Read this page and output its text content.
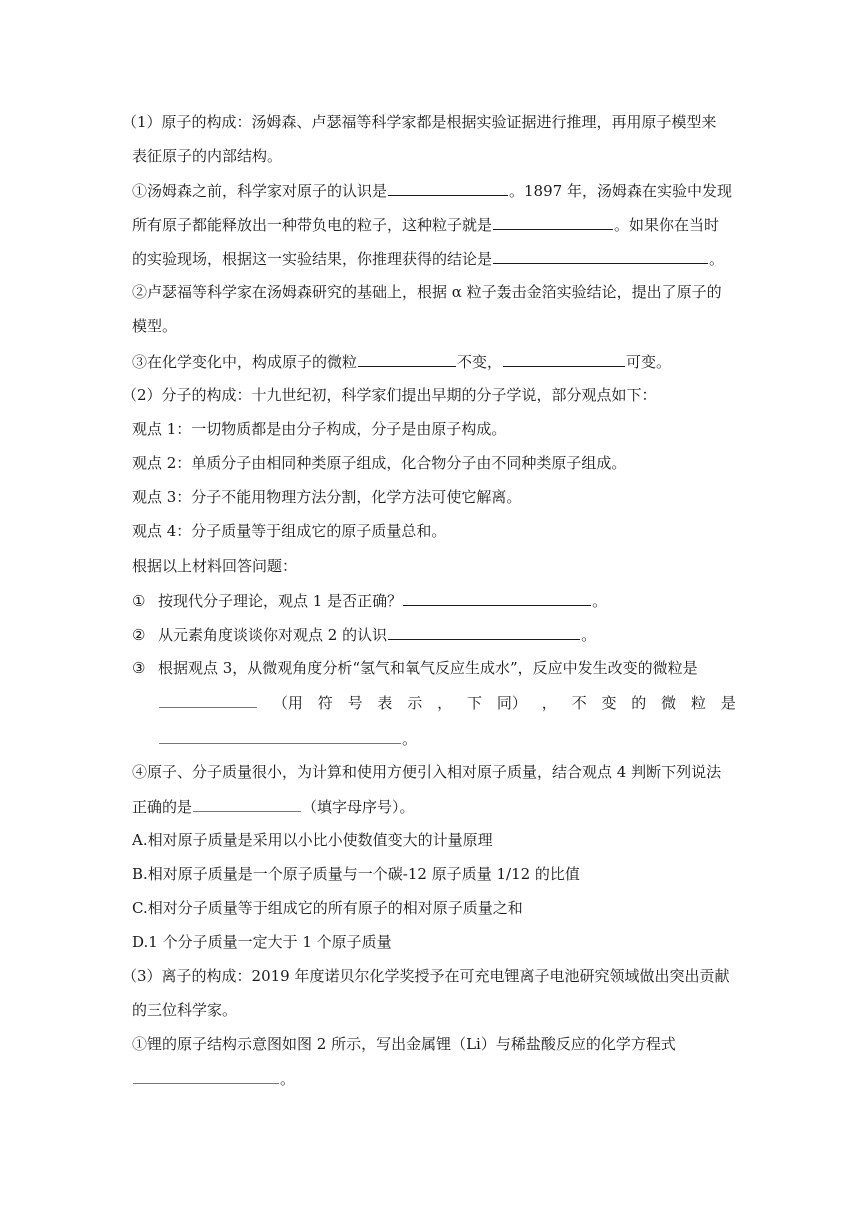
（1）原子的构成：汤姆森、卢瑟福等科学家都是根据实验证据进行推理，再用原子模型来
表征原子的内部结构。
①汤姆森之前，科学家对原子的认识是	。1897 年，汤姆森在实验中发现
所有原子都能释放出一种带负电的粒子，这种粒子就是	。如果你在当时
的实验现场，根据这一实验结果，你推理获得的结论是	。
②卢瑟福等科学家在汤姆森研究的基础上，根据 α 粒子轰击金箔实验结论，提出了原子的
模型。
③在化学变化中，构成原子的微粒	不变，	可变。
（2）分子的构成：十九世纪初，科学家们提出早期的分子学说，部分观点如下：
观点 1：一切物质都是由分子构成，分子是由原子构成。
观点 2：单质分子由相同种类原子组成，化合物分子由不同种类原子组成。
观点 3：分子不能用物理方法分割，化学方法可使它解离。
观点 4：分子质量等于组成它的原子质量总和。
根据以上材料回答问题：
① 按现代分子理论，观点 1 是否正确？	。
② 从元素角度谈谈你对观点 2 的认识	。
③ 根据观点 3，从微观角度分析“氢气和氧气反应生成水”，反应中发生改变的微粒是
（用 符 号 表 示 ， 下 同） ， 不 变 的 微 粒 是
。
④原子、分子质量很小，为计算和使用方便引入相对原子质量，结合观点 4 判断下列说法
正确的是	（填字母序号）。
A.相对原子质量是采用以小比小使数值变大的计量原理
B.相对原子质量是一个原子质量与一个碳-12 原子质量 1/12 的比值
C.相对分子质量等于组成它的所有原子的相对原子质量之和
D.1 个分子质量一定大于 1 个原子质量
（3）离子的构成：2019 年度诺贝尔化学奖授予在可充电锂离子电池研究领域做出突出贡献
的三位科学家。
①锂的原子结构示意图如图 2 所示，写出金属锂（Li）与稀盐酸反应的化学方程式
。
